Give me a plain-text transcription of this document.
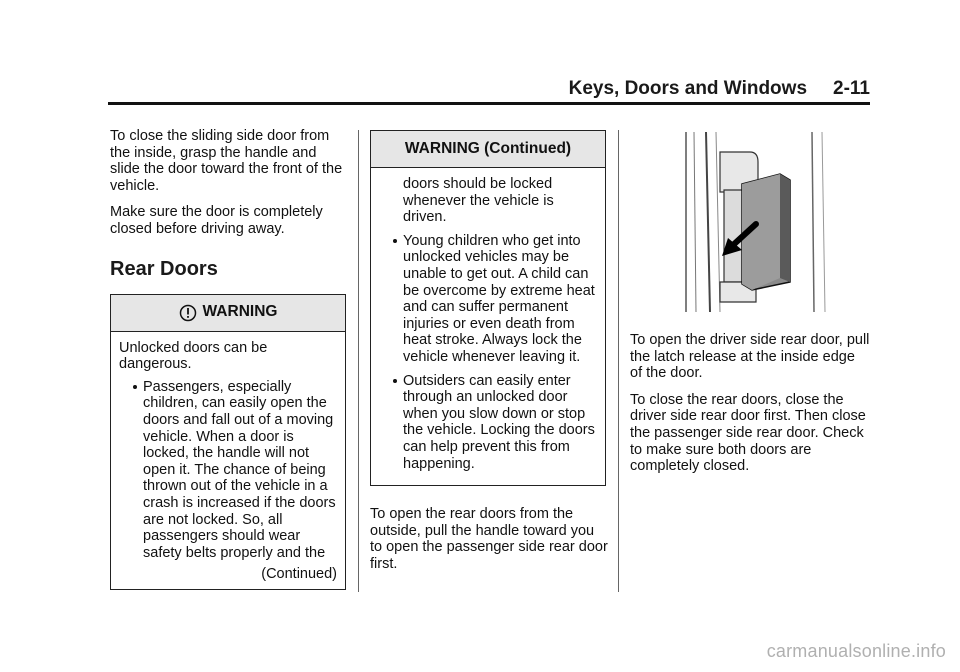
Keys, Doors and Windows 2-11

To close the sliding side door from the inside, grasp the handle and slide the door toward the front of the vehicle.

Make sure the door is completely closed before driving away.

Rear Doors
WARNING

Unlocked doors can be dangerous.

Passengers, especially children, can easily open the doors and fall out of a moving vehicle. When a door is locked, the handle will not open it. The chance of being thrown out of the vehicle in a crash is increased if the doors are not locked. So, all passengers should wear safety belts properly and the
(Continued)
WARNING (Continued)
doors should be locked whenever the vehicle is driven.
Young children who get into unlocked vehicles may be unable to get out. A child can be overcome by extreme heat and can suffer permanent injuries or even death from heat stroke. Always lock the vehicle whenever leaving it.
Outsiders can easily enter through an unlocked door when you slow down or stop the vehicle. Locking the doors can help prevent this from happening.

To open the rear doors from the outside, pull the handle toward you to open the passenger side rear door first.

To open the driver side rear door, pull the latch release at the inside edge of the door.

To close the rear doors, close the driver side rear door first. Then close the passenger side rear door. Check to make sure both doors are completely closed.

carmanualsonline.info
